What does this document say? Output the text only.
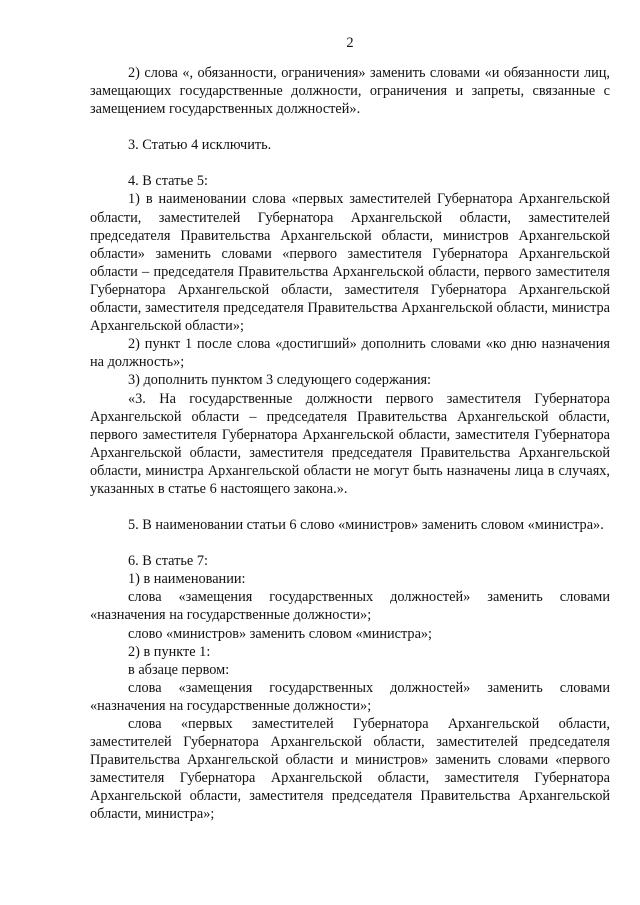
2

2) слова «, обязанности, ограничения» заменить словами «и обязанности лиц, замещающих государственные должности, ограничения и запреты, связанные с замещением государственных должностей».

3. Статью 4 исключить.

4. В статье 5:

1) в наименовании слова «первых заместителей Губернатора Архангельской области, заместителей Губернатора Архангельской области, заместителей председателя Правительства Архангельской области, министров Архангельской области» заменить словами «первого заместителя Губернатора Архангельской области – председателя Правительства Архангельской области, первого заместителя Губернатора Архангельской области, заместителя Губернатора Архангельской области, заместителя председателя Правительства Архангельской области, министра Архангельской области»;

2) пункт 1 после слова «достигший» дополнить словами «ко дню назначения на должность»;

3) дополнить пунктом 3 следующего содержания:

«3. На государственные должности первого заместителя Губернатора Архангельской области – председателя Правительства Архангельской области, первого заместителя Губернатора Архангельской области, заместителя Губернатора Архангельской области, заместителя председателя Правительства Архангельской области, министра Архангельской области не могут быть назначены лица в случаях, указанных в статье 6 настоящего закона.».

5. В наименовании статьи 6 слово «министров» заменить словом «министра».

6. В статье 7:

1) в наименовании:

слова «замещения государственных должностей» заменить словами «назначения на государственные должности»;

слово «министров» заменить словом «министра»;

2) в пункте 1:

в абзаце первом:

слова «замещения государственных должностей» заменить словами «назначения на государственные должности»;

слова «первых заместителей Губернатора Архангельской области, заместителей Губернатора Архангельской области, заместителей председателя Правительства Архангельской области и министров» заменить словами «первого заместителя Губернатора Архангельской области, заместителя Губернатора Архангельской области, заместителя председателя Правительства Архангельской области, министра»;
